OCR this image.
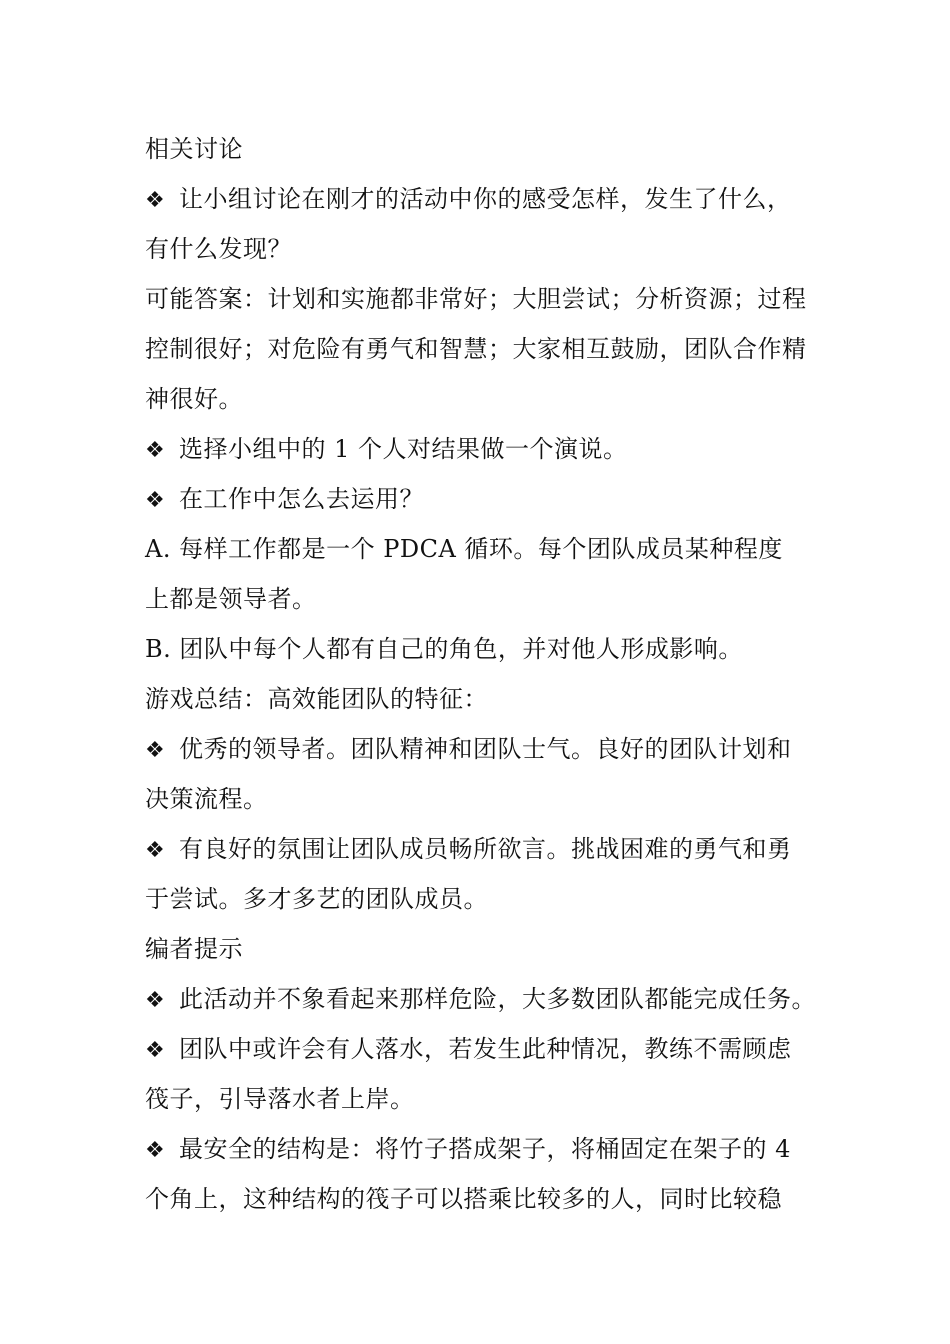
相关讨论
❖ 让小组讨论在刚才的活动中你的感受怎样，发生了什么，
有什么发现？
可能答案：计划和实施都非常好；大胆尝试；分析资源；过程
控制很好；对危险有勇气和智慧；大家相互鼓励，团队合作精
神很好。
❖ 选择小组中的 1 个人对结果做一个演说。
❖ 在工作中怎么去运用？
A. 每样工作都是一个 PDCA 循环。每个团队成员某种程度
上都是领导者。
B. 团队中每个人都有自己的角色，并对他人形成影响。
游戏总结：高效能团队的特征：
❖ 优秀的领导者。团队精神和团队士气。良好的团队计划和
决策流程。
❖ 有良好的氛围让团队成员畅所欲言。挑战困难的勇气和勇
于尝试。多才多艺的团队成员。
编者提示
❖ 此活动并不象看起来那样危险，大多数团队都能完成任务。
❖ 团队中或许会有人落水，若发生此种情况，教练不需顾虑
筏子，引导落水者上岸。
❖ 最安全的结构是：将竹子搭成架子，将桶固定在架子的 4
个角上，这种结构的筏子可以搭乘比较多的人，同时比较稳
